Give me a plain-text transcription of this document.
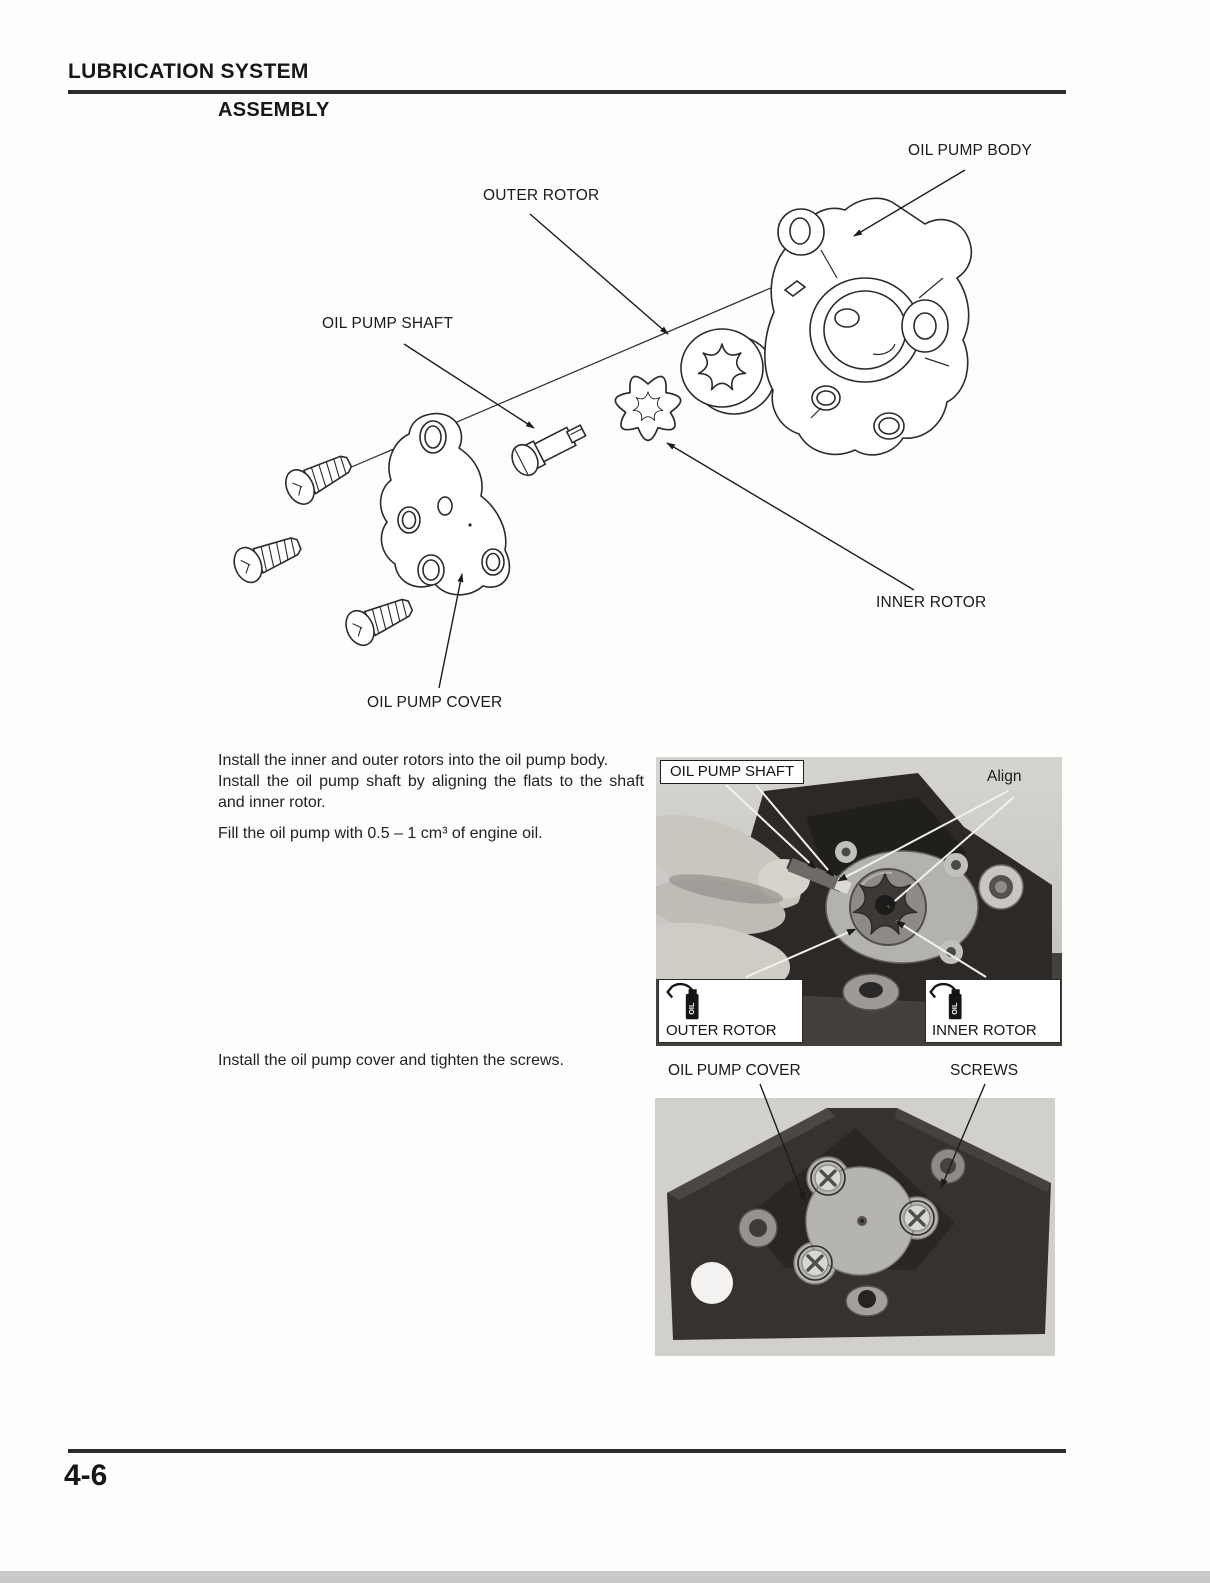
LUBRICATION SYSTEM
ASSEMBLY
OIL PUMP BODY
OUTER ROTOR
OIL PUMP SHAFT
INNER ROTOR
OIL PUMP COVER

Install the inner and outer rotors into the oil pump body.

Install the oil pump shaft by aligning the flats to the shaft and inner rotor.

Fill the oil pump with 0.5 – 1 cm³ of engine oil.

Install the oil pump cover and tighten the screws.
OIL PUMP SHAFT	Align
OIL
OUTER ROTOR
OIL
INNER ROTOR
OIL PUMP COVER	SCREWS
4-6
